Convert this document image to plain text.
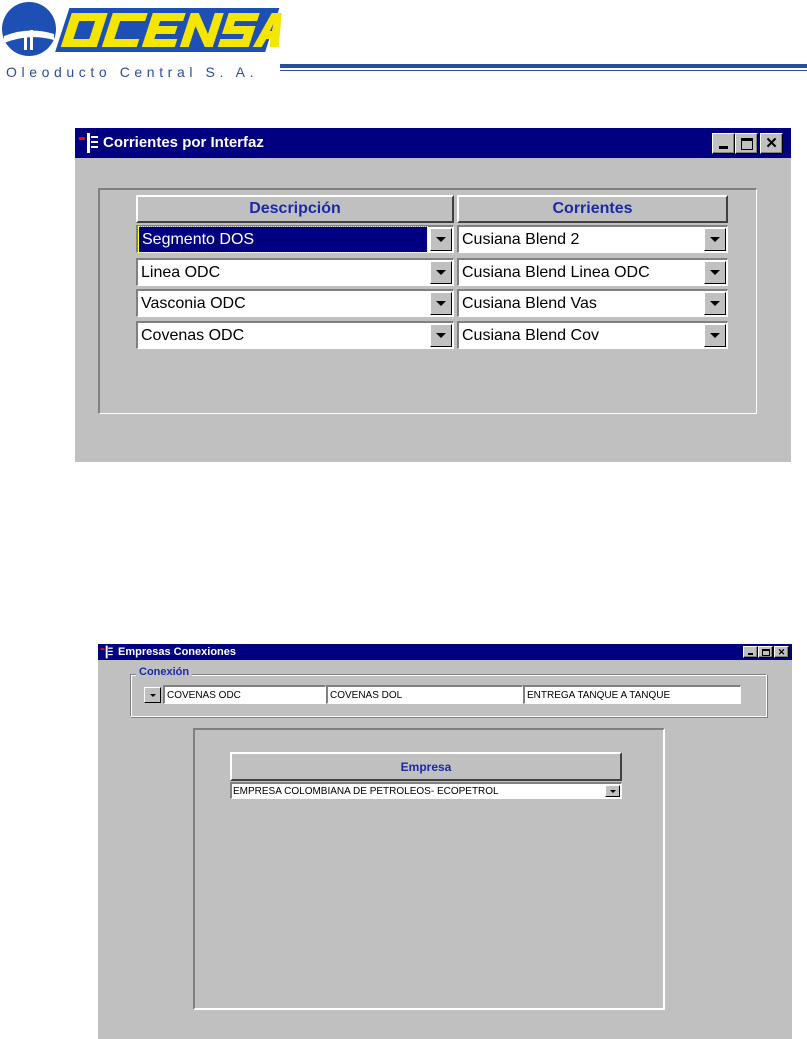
Oleoducto Central S. A.
Corrientes por Interfaz	✕
Descripción	Corrientes
Segmento DOS	Cusiana Blend 2
Linea ODC	Cusiana Blend Linea ODC
Vasconia ODC	Cusiana Blend Vas
Covenas ODC	Cusiana Blend Cov
Empresas Conexiones	✕
Conexión
COVENAS ODC	COVENAS DOL	ENTREGA TANQUE A TANQUE
Empresa
EMPRESA COLOMBIANA DE PETROLEOS- ECOPETROL
